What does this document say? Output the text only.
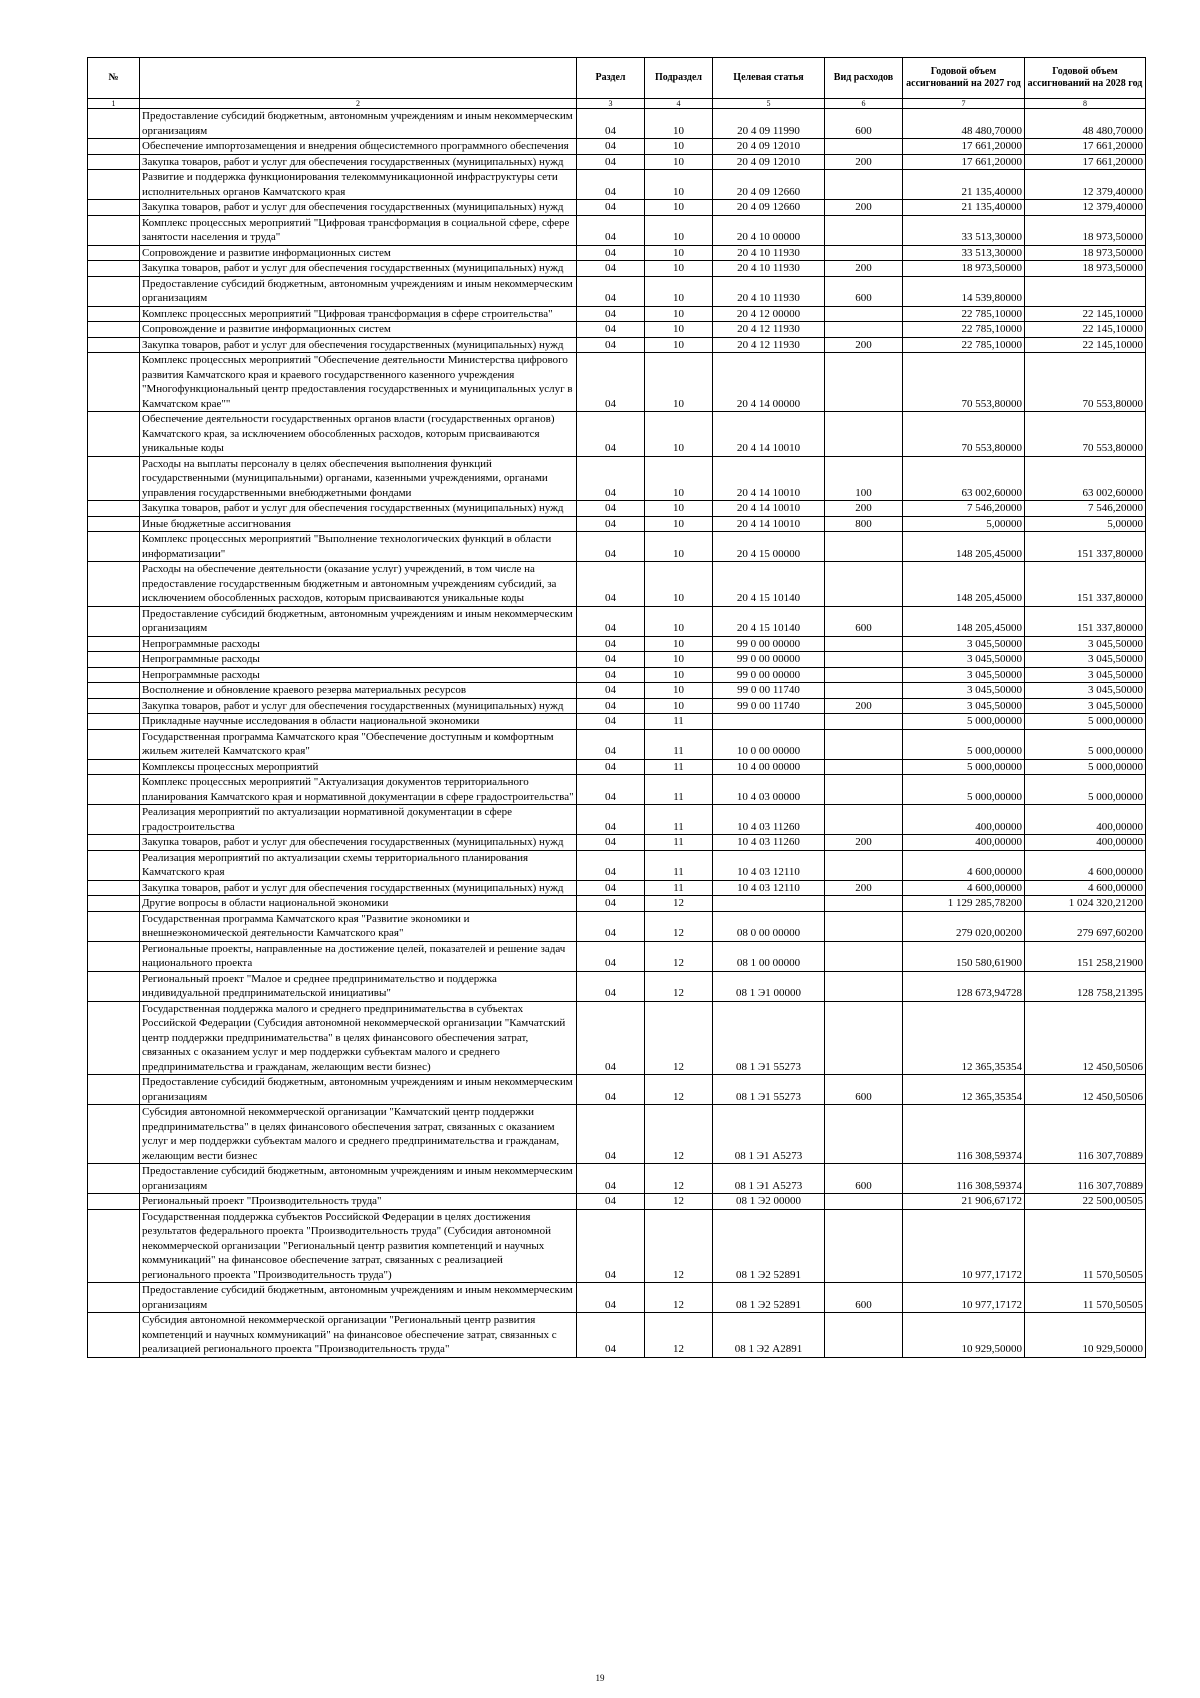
№		Раздел	Подраздел	Целевая статья	Вид расходов	Годовой объем ассигнований на 2027 год	Годовой объем ассигнований на 2028 год
1	2	3	4	5	6	7	8
	Предоставление субсидий бюджетным, автономным учреждениям и иным некоммерческим организациям	04	10	20 4 09 11990	600	48 480,70000	48 480,70000
	Обеспечение импортозамещения и внедрения общесистемного программного обеспечения	04	10	20 4 09 12010		17 661,20000	17 661,20000
	Закупка товаров, работ и услуг для обеспечения государственных (муниципальных) нужд	04	10	20 4 09 12010	200	17 661,20000	17 661,20000
	Развитие и поддержка функционирования телекоммуникационной инфраструктуры сети исполнительных органов Камчатского края	04	10	20 4 09 12660		21 135,40000	12 379,40000
	Закупка товаров, работ и услуг для обеспечения государственных (муниципальных) нужд	04	10	20 4 09 12660	200	21 135,40000	12 379,40000
	Комплекс процессных мероприятий "Цифровая трансформация в социальной сфере, сфере занятости населения и труда"	04	10	20 4 10 00000		33 513,30000	18 973,50000
	Сопровождение и развитие информационных систем	04	10	20 4 10 11930		33 513,30000	18 973,50000
	Закупка товаров, работ и услуг для обеспечения государственных (муниципальных) нужд	04	10	20 4 10 11930	200	18 973,50000	18 973,50000
	Предоставление субсидий бюджетным, автономным учреждениям и иным некоммерческим организациям	04	10	20 4 10 11930	600	14 539,80000	
	Комплекс процессных мероприятий "Цифровая трансформация в сфере строительства"	04	10	20 4 12 00000		22 785,10000	22 145,10000
	Сопровождение и развитие информационных систем	04	10	20 4 12 11930		22 785,10000	22 145,10000
	Закупка товаров, работ и услуг для обеспечения государственных (муниципальных) нужд	04	10	20 4 12 11930	200	22 785,10000	22 145,10000
	Комплекс процессных мероприятий "Обеспечение деятельности Министерства цифрового развития Камчатского края и краевого государственного казенного учреждения "Многофункциональный центр предоставления государственных и муниципальных услуг в Камчатском крае""	04	10	20 4 14 00000		70 553,80000	70 553,80000
	Обеспечение деятельности государственных органов власти (государственных органов) Камчатского края, за исключением обособленных расходов, которым присваиваются уникальные коды	04	10	20 4 14 10010		70 553,80000	70 553,80000
	Расходы на выплаты персоналу в целях обеспечения выполнения функций государственными (муниципальными) органами, казенными учреждениями, органами управления государственными внебюджетными фондами	04	10	20 4 14 10010	100	63 002,60000	63 002,60000
	Закупка товаров, работ и услуг для обеспечения государственных (муниципальных) нужд	04	10	20 4 14 10010	200	7 546,20000	7 546,20000
	Иные бюджетные ассигнования	04	10	20 4 14 10010	800	5,00000	5,00000
	Комплекс процессных мероприятий "Выполнение технологических функций в области информатизации"	04	10	20 4 15 00000		148 205,45000	151 337,80000
	Расходы на обеспечение деятельности (оказание услуг) учреждений, в том числе на предоставление государственным бюджетным и автономным учреждениям субсидий, за исключением обособленных расходов, которым присваиваются уникальные коды	04	10	20 4 15 10140		148 205,45000	151 337,80000
	Предоставление субсидий бюджетным, автономным учреждениям и иным некоммерческим организациям	04	10	20 4 15 10140	600	148 205,45000	151 337,80000
	Непрограммные расходы	04	10	99 0 00 00000		3 045,50000	3 045,50000
	Непрограммные расходы	04	10	99 0 00 00000		3 045,50000	3 045,50000
	Непрограммные расходы	04	10	99 0 00 00000		3 045,50000	3 045,50000
	Восполнение и обновление краевого резерва материальных ресурсов	04	10	99 0 00 11740		3 045,50000	3 045,50000
	Закупка товаров, работ и услуг для обеспечения государственных (муниципальных) нужд	04	10	99 0 00 11740	200	3 045,50000	3 045,50000
	Прикладные научные исследования в области национальной экономики	04	11			5 000,00000	5 000,00000
	Государственная программа Камчатского края "Обеспечение доступным и комфортным жильем жителей Камчатского края"	04	11	10 0 00 00000		5 000,00000	5 000,00000
	Комплексы процессных мероприятий	04	11	10 4 00 00000		5 000,00000	5 000,00000
	Комплекс процессных мероприятий "Актуализация документов территориального планирования Камчатского края и нормативной документации в сфере градостроительства"	04	11	10 4 03 00000		5 000,00000	5 000,00000
	Реализация мероприятий по актуализации нормативной документации в сфере градостроительства	04	11	10 4 03 11260		400,00000	400,00000
	Закупка товаров, работ и услуг для обеспечения государственных (муниципальных) нужд	04	11	10 4 03 11260	200	400,00000	400,00000
	Реализация мероприятий по актуализации схемы территориального планирования Камчатского края	04	11	10 4 03 12110		4 600,00000	4 600,00000
	Закупка товаров, работ и услуг для обеспечения государственных (муниципальных) нужд	04	11	10 4 03 12110	200	4 600,00000	4 600,00000
	Другие вопросы в области национальной экономики	04	12			1 129 285,78200	1 024 320,21200
	Государственная программа Камчатского края "Развитие экономики и внешнеэкономической деятельности Камчатского края"	04	12	08 0 00 00000		279 020,00200	279 697,60200
	Региональные проекты, направленные на достижение целей, показателей и решение задач национального проекта	04	12	08 1 00 00000		150 580,61900	151 258,21900
	Региональный проект "Малое и среднее предпринимательство и поддержка индивидуальной предпринимательской инициативы"	04	12	08 1 Э1 00000		128 673,94728	128 758,21395
	Государственная поддержка малого и среднего предпринимательства в субъектах Российской Федерации (Субсидия автономной некоммерческой организации "Камчатский центр поддержки предпринимательства" в целях финансового обеспечения затрат, связанных с оказанием услуг и мер поддержки субъектам малого и среднего предпринимательства и гражданам, желающим вести бизнес)	04	12	08 1 Э1 55273		12 365,35354	12 450,50506
	Предоставление субсидий бюджетным, автономным учреждениям и иным некоммерческим организациям	04	12	08 1 Э1 55273	600	12 365,35354	12 450,50506
	Субсидия автономной некоммерческой организации "Камчатский центр поддержки предпринимательства" в целях финансового обеспечения затрат, связанных с оказанием услуг и мер поддержки субъектам малого и среднего предпринимательства и гражданам, желающим вести бизнес	04	12	08 1 Э1 А5273		116 308,59374	116 307,70889
	Предоставление субсидий бюджетным, автономным учреждениям и иным некоммерческим организациям	04	12	08 1 Э1 А5273	600	116 308,59374	116 307,70889
	Региональный проект "Производительность труда"	04	12	08 1 Э2 00000		21 906,67172	22 500,00505
	Государственная поддержка субъектов Российской Федерации в целях достижения результатов федерального проекта "Производительность труда" (Субсидия автономной некоммерческой организации "Региональный центр развития компетенций и научных коммуникаций" на финансовое обеспечение затрат, связанных с реализацией регионального проекта "Производительность труда")	04	12	08 1 Э2 52891		10 977,17172	11 570,50505
	Предоставление субсидий бюджетным, автономным учреждениям и иным некоммерческим организациям	04	12	08 1 Э2 52891	600	10 977,17172	11 570,50505
	Субсидия автономной некоммерческой организации "Региональный центр развития компетенций и научных коммуникаций" на финансовое обеспечение затрат, связанных с реализацией регионального проекта "Производительность труда"	04	12	08 1 Э2 А2891		10 929,50000	10 929,50000
19
